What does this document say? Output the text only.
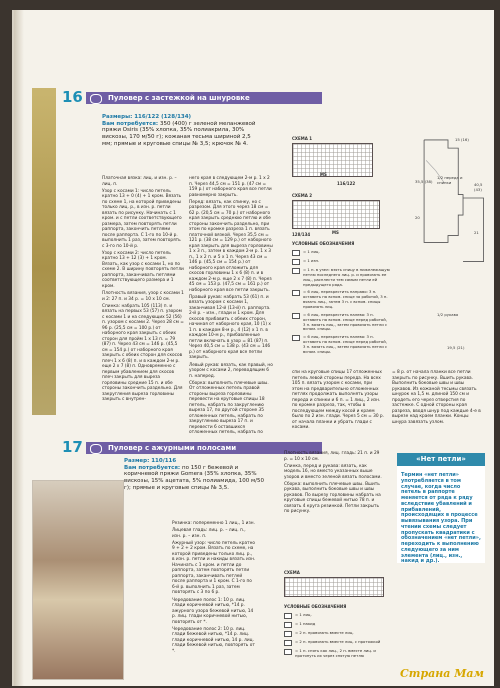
16	Пуловер с застежкой на шнуровке
Размеры: 116/122 (128/134)
Вам потребуется: 350 (400) г зеленой меланжевой пряжи Osiris (35% хлопка, 35% полиакрила, 30% вискозы, 170 м/50 г); кожаная тесьма шириной 2,5 мм; прямые и круговые спицы № 3,5; крючок № 4.

Платочная вязка: лиц. и изн. р. – лиц. п.

Узор с косами 1: число петель кратно 13 + 0 (4) + 1 кром. Вязать по схеме 1, на которой приведены только лиц. р., в изн. р. петли вязать по рисунку. Начинать с 1 кром. и с петли соответствующего размера, затем повторять петли раппорта, закончить петлями после раппорта. С 1-го по 10-й р. выполнить 1 раз, затем повторять с 3-го по 10-й р.

Узор с косами 2: число петель кратно 13 + 12 (3) + 1 кром. Вязать, как узор с косами 1, но по схеме 2. В ширину повторять петли раппорта, заканчивать петлями соответствующего размера и 1 кром.

Плотность вязания, узор с косами 1 и 2: 27 п. и 34 р. = 10 х 10 см.

Спинка: набрать 105 (113) п. и вязать на первых 53 (57) п. узором с косами 1 и на следующих 52 (56) п. узором с косами 2. Через 28 см = 96 р. (25,5 см = 100 р.) от наборного края закрыть с обеих сторон для пройм 1 х 13 п. = 79 (87) п. Через 43 см = 146 р. (45,5 см = 154 р.) от наборного края закрыть с обеих сторон для скосов плеч 1 х 6 (8) п. и в каждом 2-м р. еще 2 х 7 (8) п. Одновременно с первым убавлением для скосов плеч закрыть для выреза горловины средние 15 п. и обе стороны закончить раздельно. Для закругления выреза горловины закрыть с внутрен-

него края в следующем 2-м р. 1 х 2 п. Через 44,5 см = 151 р. (47 см = 159 р.) от наборного края все петли равномерно закрыть.

Перед: вязать, как спинку, но с разрезом. Для этого через 18 см = 62 р. (20,5 см = 70 р.) от наборного края закрыть среднюю петлю и обе стороны закончить раздельно, при этом по кромке разреза 1 п. вязать платочной вязкой. Через 35,5 см = 121 р. (38 см = 129 р.) от наборного края закрыть для выреза горловины 1 х 3 п., затем в каждом 2-м р. 1 х 3 п., 1 х 2 п. и 5 х 1 п. Через 43 см = 146 р. (45,5 см = 154 р.) от наборного края отложить для скосов горловины 1 х 6 (8) п. и в каждом 2-м р. еще 2 х 7 (8) п. Через 45 см = 153 р. (47,5 см = 161 р.) от наборного края все петли закрыть.

Правый рукав: набрать 53 (61) п. и вязать узором с косами 1, заканчивая 12-й (13-й) п. раппорта. 2-й р. – изн., глади и 1 кром. Для скосов прибавить с обеих сторон, начиная от наборного края, 10 (1) х 1 п. в каждом 8-м р., 4 (12) х 1 п. в каждом 10-м р., прибавленные петли включать в узор = 81 (87) п. Через 40,5 см = 138 р. (43 см = 146 р.) от наборного края все петли закрыть.

Левый рукав: вязать, как правый, но узором с косами 2, переводящим 6 п. наперед.

Сборка: выполнить плечевые швы. От отложенных петель правой стороны выреза горловины перевести на круговые спицы 18 петель, набрать по закруглению выреза 17, по другой стороне 35 отложенных петель, набрать по закруглению выреза 17 п. и перевести 6 оставшихся отложенных петель, набрать по

спи на круговые спицы 17 отложенных петель левой стороны переда. На всех 105 п. вязать узором с косами, при этом на предварительно отложенных петлях продолжать выполнять узоры переда и спинки и 6 п. = 1 лиц., 2 изн. по кромке разреза, так, чтобы в последующем между косой и краем было по 2 изн. глади. Через 5 см = 30 р. от начала планки и убрать глади с косами.

= 8 р. от начала планки все петли закрыть по рисунку. Вшить рукава. Выполнить боковые швы и швы рукавов. Из кожаной тесьмы связать шнурок на 1,5 м. длиной 150 см и продеть его через отверстия по застежке. С одной стороны края разреза, вводя шнур под каждые 4-е в вырезе над краем планки. Концы шнура завязать узлом.

СХЕМА 1
116/122
MS
СХЕМА 2
128/134	MS
УСЛОВНЫЕ ОБОЗНАЧЕНИЯ
= 1 лиц.
= 1 изн.
= 1 п. в узел: взять спицу в нижележащую петлю последнего лиц. р. и провязать ее лиц., расплести тем самым петли ей предыдущего ряда.
= 6 лиц. перекрестить направо: 3 п. оставить на вспом. спице за работой, 3 п. вязать лиц., затем 3 п. с вспом. спицы провязать лиц.
= 6 лиц. перекрестить налево: 3 п. оставить на вспом. спице перед работой, 3 п. вязать лиц., затем провязать петли с вспом. спицы.
= 6 лиц. перекрестить налево: 3 п. оставить на вспом. спице перед работой, 3 п. вязать лиц., затем провязать петли с вспом. спицы.
15 (16)
1/2 переда и спинки
35,5 (38)
20
40,5 (43)
21
1/2 рукава
19,5 (21)
17	Пуловер с ажурными полосами
Размер: 110/116
Вам потребуется: по 150 г бежевой и коричневой пряжи Gomera (35% хлопка, 35% вискозы, 15% ацетата, 5% полиамида, 100 м/50 г); прямые и круговые спицы № 3,5.

Резинка: попеременно 1 лиц., 1 изн.

Лицевая гладь: лиц. р. – лиц. п., изн. р. – изн. п.

Ажурный узор: число петель кратно 9 + 2 + 2 кром. Вязать по схеме, на которой приведены только лиц. р., в изн. р. петли и накиды вязать изн. Начинать с 1 кром. и петли до раппорта, затем повторять петли раппорта, заканчивать петлей после раппорта и 1 кром. С 1-го по 6-й р. выполнить 1 раз, затем повторять с 3 по 6 р.

Чередование полос 1: 10 р. лиц. глади коричневой нитью, *14 р. ажурного узора бежевой нитью, 14 р. лиц. глади коричневой нитью, повторять от *.

Чередование полос 2: 10 р. лиц. глади бежевой нитью, *14 р. лиц. глади коричневой нитью, 14 р. лиц. глади бежевой нитью, повторять от *.

Плотность вязания, лиц. гладь: 21 п. и 29 р. = 10 х 10 см.

Спинка, перед и рукава: вязать, как модель 16, но вместо указанных выше узоров и вместо зеленой вязать полосами.

Сборка: выполнить плечевые швы. Вшить рукава, выполнить боковые швы и швы рукавов. По вырезу горловины набрать на круговые спицы бежевой нитью 78 п. и связать 4 круга резинкой. Петли закрыть по рисунку.

СХЕМА
УСЛОВНЫЕ ОБОЗНАЧЕНИЯ
= 1 лиц.
= 1 накид
= 2 п. провязать вместе лиц.
= 2 п. провязать вместе лиц. с протяжкой
= 1 п. снять как лиц., 2 п. вместе лиц. и протянуть их через снятую петлю
«Нет петли»
Термин «нет петли» употребляется в том случае, когда число петель в раппорте меняется от ряда к ряду вследствие убавлений и прибавлений, происходящих в процессе вывязывания узора. При чтении схемы следует пропускать квадратики с обозначением «нет петли», переходить к выполнению следующего за ним элемента (лиц., изн., накид и др.).
Страна Мам
